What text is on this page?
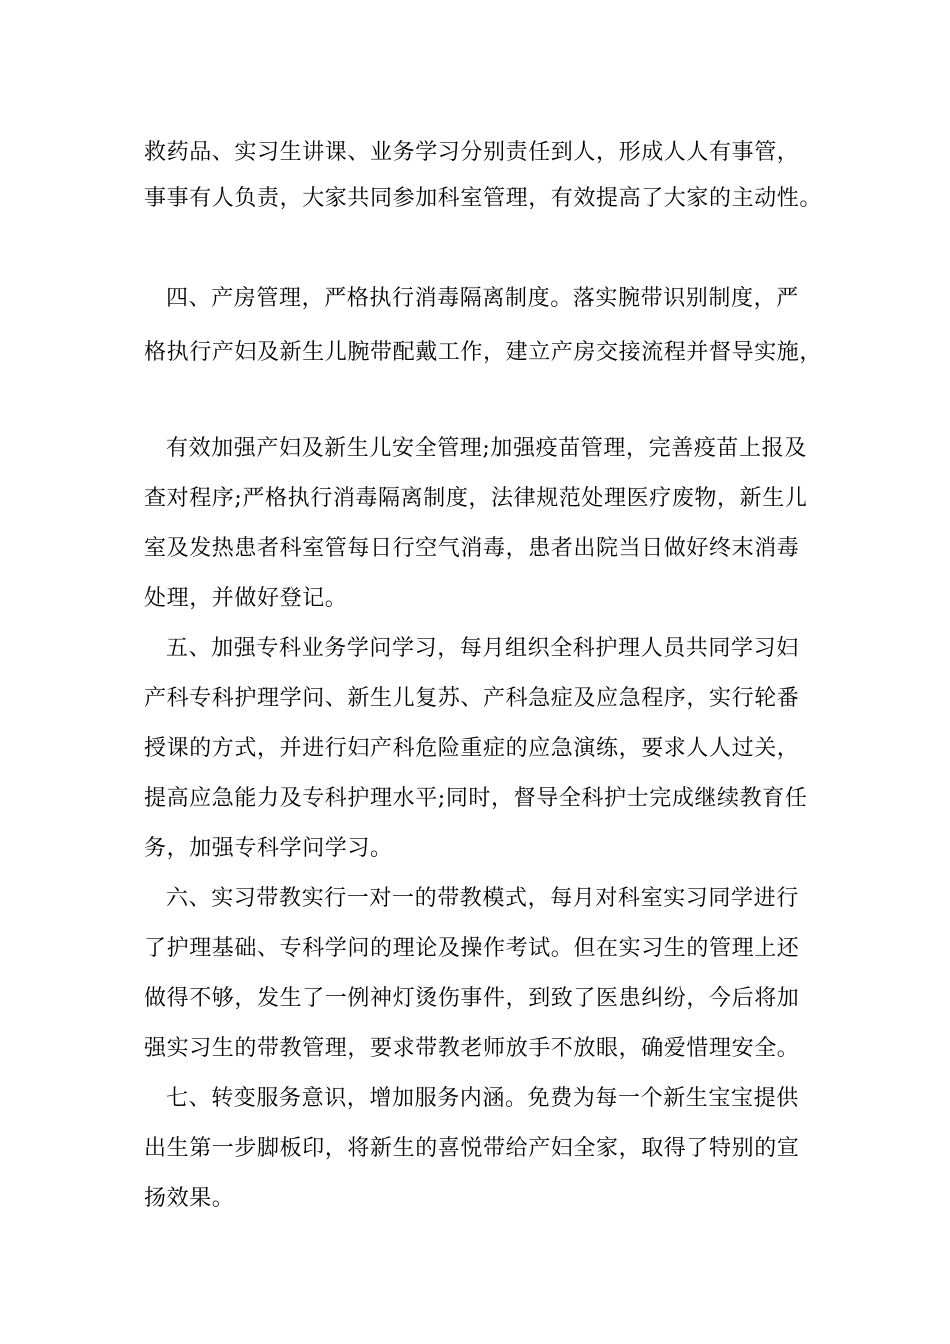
救药品、实习生讲课、业务学习分别责任到人，形成人人有事管，
事事有人负责，大家共同参加科室管理，有效提高了大家的主动性。
四、产房管理，严格执行消毒隔离制度。落实腕带识别制度，严
格执行产妇及新生儿腕带配戴工作，建立产房交接流程并督导实施，
有效加强产妇及新生儿安全管理;加强疫苗管理，完善疫苗上报及
查对程序;严格执行消毒隔离制度，法律规范处理医疗废物，新生儿
室及发热患者科室管每日行空气消毒，患者出院当日做好终末消毒
处理，并做好登记。
五、加强专科业务学问学习，每月组织全科护理人员共同学习妇
产科专科护理学问、新生儿复苏、产科急症及应急程序，实行轮番
授课的方式，并进行妇产科危险重症的应急演练，要求人人过关，
提高应急能力及专科护理水平;同时，督导全科护士完成继续教育任
务，加强专科学问学习。
六、实习带教实行一对一的带教模式，每月对科室实习同学进行
了护理基础、专科学问的理论及操作考试。但在实习生的管理上还
做得不够，发生了一例神灯烫伤事件，到致了医患纠纷，今后将加
强实习生的带教管理，要求带教老师放手不放眼，确爱惜理安全。
七、转变服务意识，增加服务内涵。免费为每一个新生宝宝提供
出生第一步脚板印，将新生的喜悦带给产妇全家，取得了特别的宣
扬效果。
